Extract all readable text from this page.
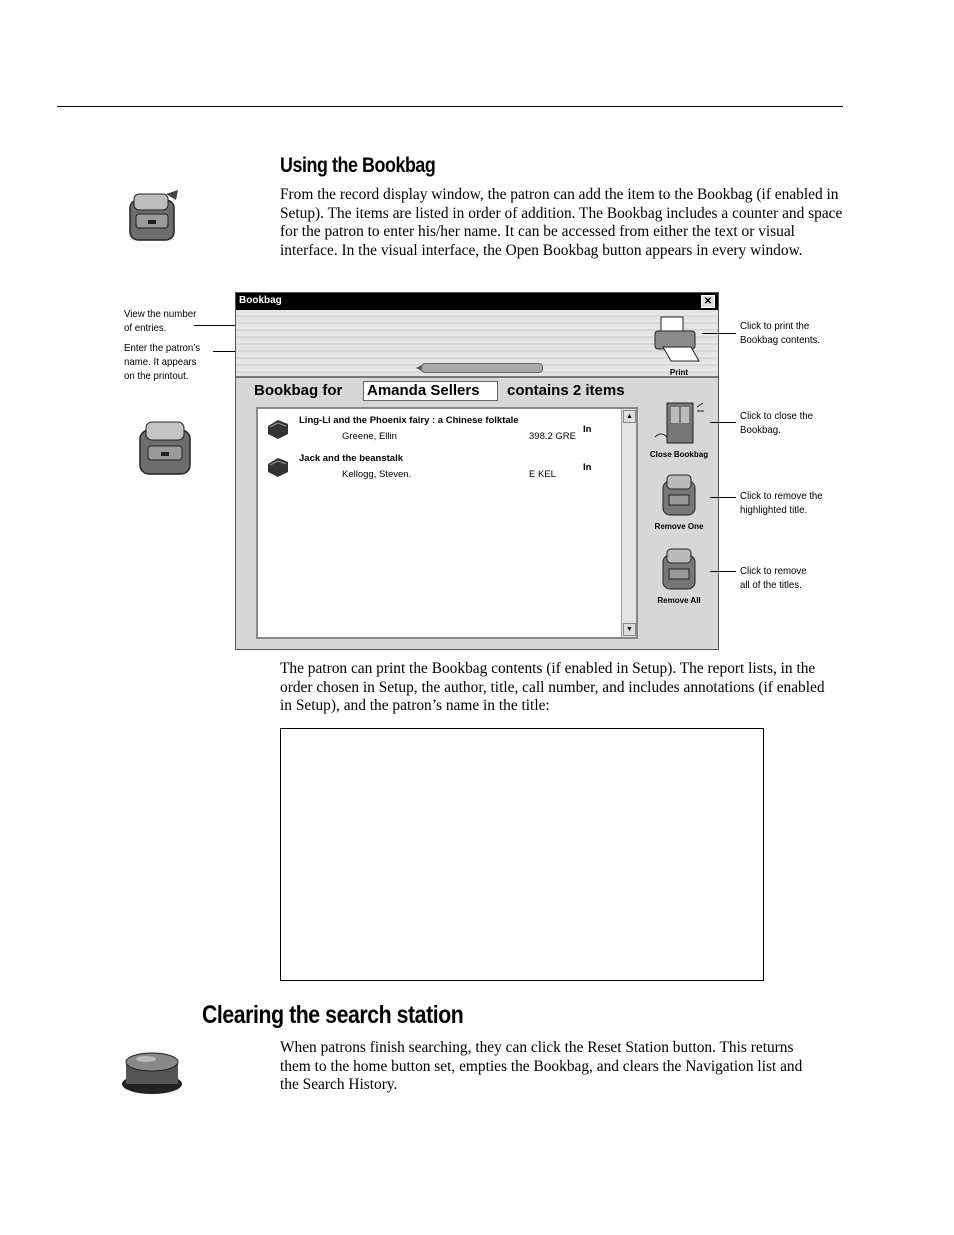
Using the Bookbag

From the record display window, the patron can add the item to the Bookbag (if enabled in Setup). The items are listed in order of addition. The Bookbag includes a counter and space for the patron to enter his/her name. It can be accessed from either the text or visual interface. In the visual interface, the Open Bookbag button appears in every window.

View the number
of entries.
Enter the patron’s
name. It appears
on the printout.
Bookbag	✕
Bookbag for Amanda Sellers	contains 2 items
Ling-Li and the Phoenix fairy : a Chinese folktale
Greene, Ellin	398.2 GRE
In
Jack and the beanstalk
Kellogg, Steven.	E KEL
In
▲
▼
Print
Close Bookbag
Remove One
Remove All
Click to print the
Bookbag contents.
Click to close the
Bookbag.
Click to remove the
highlighted title.
Click to remove
all of the titles.

The patron can print the Bookbag contents (if enabled in Setup). The report lists, in the order chosen in Setup, the author, title, call number, and includes annotations (if enabled in Setup), and the patron’s name in the title:

Clearing the search station

When patrons finish searching, they can click the Reset Station button. This returns them to the home button set, empties the Bookbag, and clears the Navigation list and the Search History.
